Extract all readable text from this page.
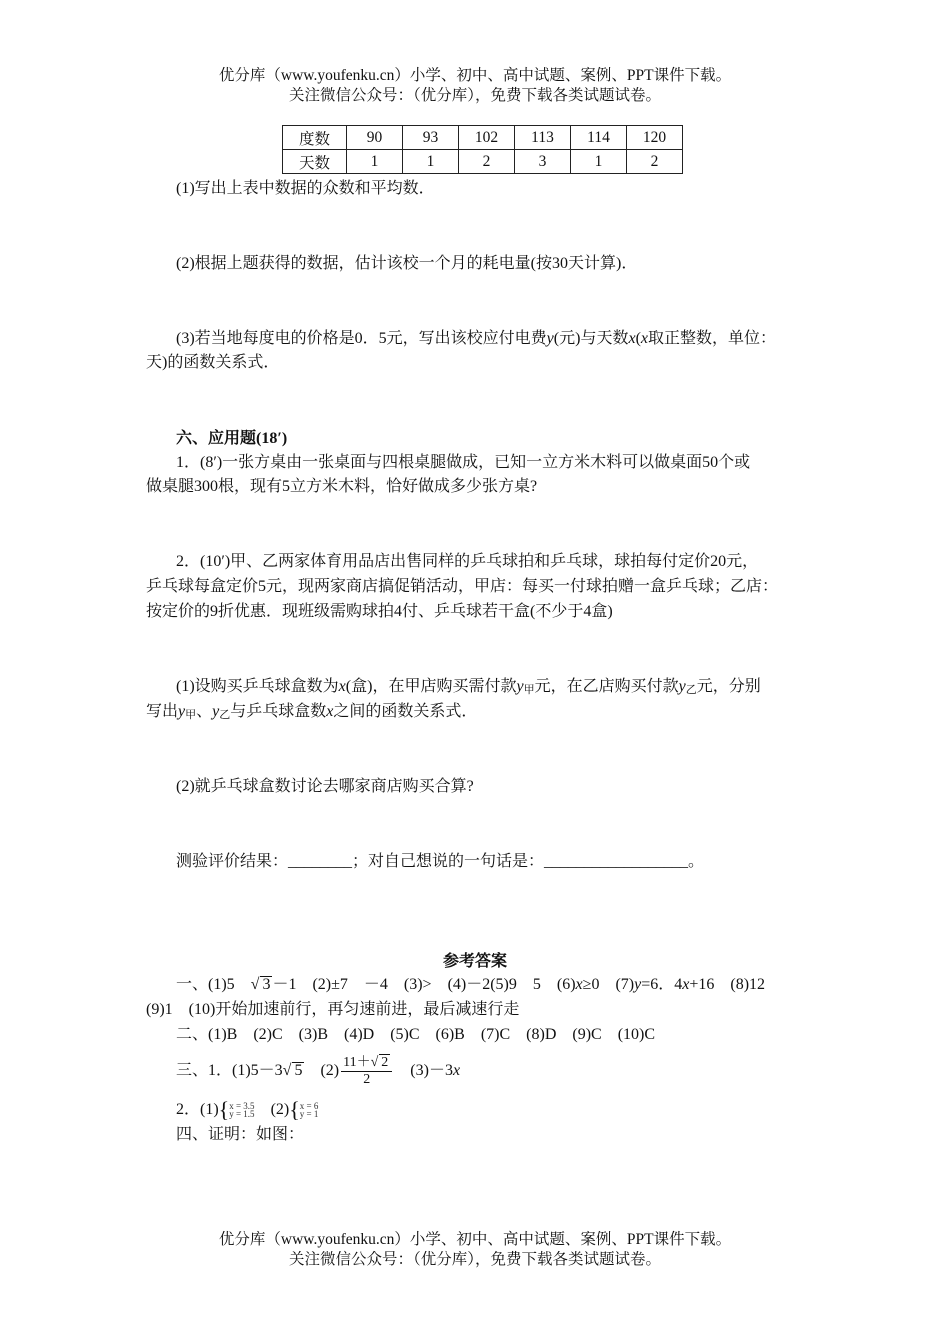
优分库（www.youfenku.cn）小学、初中、高中试题、案例、PPT课件下载。
关注微信公众号：（优分库），免费下载各类试题试卷。
度数	90	93	102	113	114	120
天数	1	1	2	3	1	2
(1)写出上表中数据的众数和平均数．
(2)根据上题获得的数据，估计该校一个月的耗电量(按30天计算)．
(3)若当地每度电的价格是0．5元，写出该校应付电费y(元)与天数x(x取正整数，单位：
天)的函数关系式．
六、应用题(18′)
1．(8′)一张方桌由一张桌面与四根桌腿做成，已知一立方米木料可以做桌面50个或
做桌腿300根，现有5立方米木料，恰好做成多少张方桌?
2．(10′)甲、乙两家体育用品店出售同样的乒乓球拍和乒乓球，球拍每付定价20元，
乒乓球每盒定价5元，现两家商店搞促销活动，甲店：每买一付球拍赠一盒乒乓球；乙店：
按定价的9折优惠．现班级需购球拍4付、乒乓球若干盒(不少于4盒)
(1)设购买乒乓球盒数为x(盒)，在甲店购买需付款$y_甲$元，在乙店购买付款$y_乙$元，分别
写出$y_甲$、$y_乙$与乒乓球盒数x之间的函数关系式．
(2)就乒乓球盒数讨论去哪家商店购买合算?
测验评价结果：________；对自己想说的一句话是：__________________。
参考答案
一、(1)5　√ 3 －1　(2)±7　－4　(3)>　(4)－2(5)9　5　(6)x≥0　(7)y=6．4x+16　(8)12
(9)1　(10)开始加速前行，再匀速前进，最后减速行走
二、(1)B　(2)C　(3)B　(4)D　(5)C　(6)B　(7)C　(8)D　(9)C　(10)C
三、1．(1)5－3√ 5　$(2) \frac{11+√ 2}{2}$ 　(3)－3x
2．(1){ x = 3.5
y = 1.5 　(2){ x = 6
y = 1
四、证明：如图：
优分库（www.youfenku.cn）小学、初中、高中试题、案例、PPT课件下载。
关注微信公众号：（优分库），免费下载各类试题试卷。
